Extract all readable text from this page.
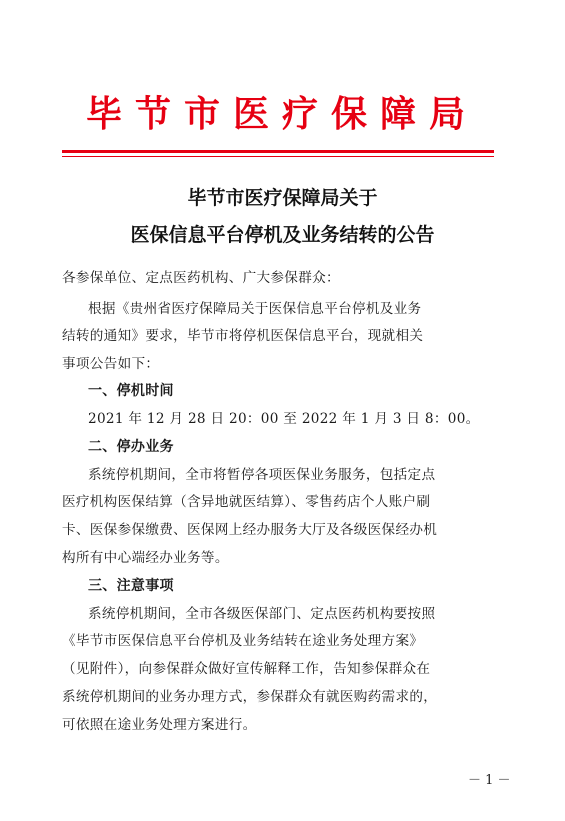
毕节市医疗保障局
毕节市医疗保障局关于
医保信息平台停机及业务结转的公告
各参保单位、定点医药机构、广大参保群众：
根据《贵州省医疗保障局关于医保信息平台停机及业务
结转的通知》要求，毕节市将停机医保信息平台，现就相关
事项公告如下：
一、停机时间
2021 年 12 月 28 日 20：00 至 2022 年 1 月 3 日 8：00。
二、停办业务
系统停机期间，全市将暂停各项医保业务服务，包括定点
医疗机构医保结算（含异地就医结算）、零售药店个人账户刷
卡、医保参保缴费、医保网上经办服务大厅及各级医保经办机
构所有中心端经办业务等。
三、注意事项
系统停机期间，全市各级医保部门、定点医药机构要按照
《毕节市医保信息平台停机及业务结转在途业务处理方案》
（见附件），向参保群众做好宣传解释工作，告知参保群众在
系统停机期间的业务办理方式，参保群众有就医购药需求的，
可依照在途业务处理方案进行。
－ 1 －
